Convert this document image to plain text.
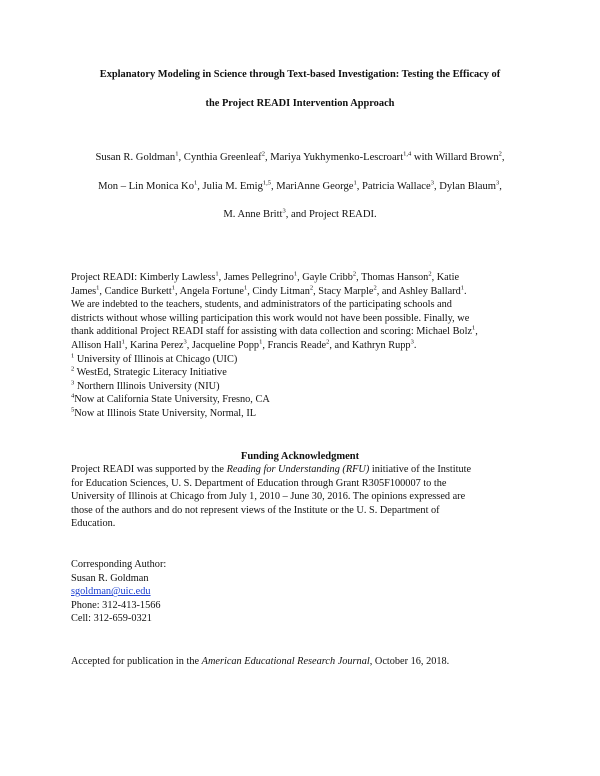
Explanatory Modeling in Science through Text-based Investigation: Testing the Efficacy of
the Project READI Intervention Approach
Susan R. Goldman$^1$, Cynthia Greenleaf$^2$, Mariya Yukhymenko-Lescroart$^{1,4}$ with Willard Brown$^2$,
Mon – Lin Monica Ko$^1$, Julia M. Emig$^{1,5}$, MariAnne George$^1$, Patricia Wallace$^3$, Dylan Blaum$^3$,
M. Anne Britt$^3$, and Project READI.
Project READI: Kimberly Lawless$^1$, James Pellegrino$^1$, Gayle Cribb$^2$, Thomas Hanson$^2$, Katie
James$^1$, Candice Burkett$^1$, Angela Fortune$^1$, Cindy Litman$^2$, Stacy Marple$^2$, and Ashley Ballard$^1$.
We are indebted to the teachers, students, and administrators of the participating schools and
districts without whose willing participation this work would not have been possible. Finally, we
thank additional Project READI staff for assisting with data collection and scoring: Michael Bolz$^1$,
Allison Hall$^1$, Karina Perez$^3$, Jacqueline Popp$^1$, Francis Reade$^2$, and Kathryn Rupp$^3$.
$^1$ University of Illinois at Chicago (UIC)
$^2$ WestEd, Strategic Literacy Initiative
$^3$ Northern Illinois University (NIU)
$^4$Now at California State University, Fresno, CA
$^5$Now at Illinois State University, Normal, IL
Funding Acknowledgment
Project READI was supported by the Reading for Understanding (RFU) initiative of the Institute
for Education Sciences, U. S. Department of Education through Grant R305F100007 to the
University of Illinois at Chicago from July 1, 2010 – June 30, 2016. The opinions expressed are
those of the authors and do not represent views of the Institute or the U. S. Department of
Education.
Corresponding Author:
Susan R. Goldman
sgoldman@uic.edu
Phone: 312-413-1566
Cell: 312-659-0321
Accepted for publication in the American Educational Research Journal, October 16, 2018.
